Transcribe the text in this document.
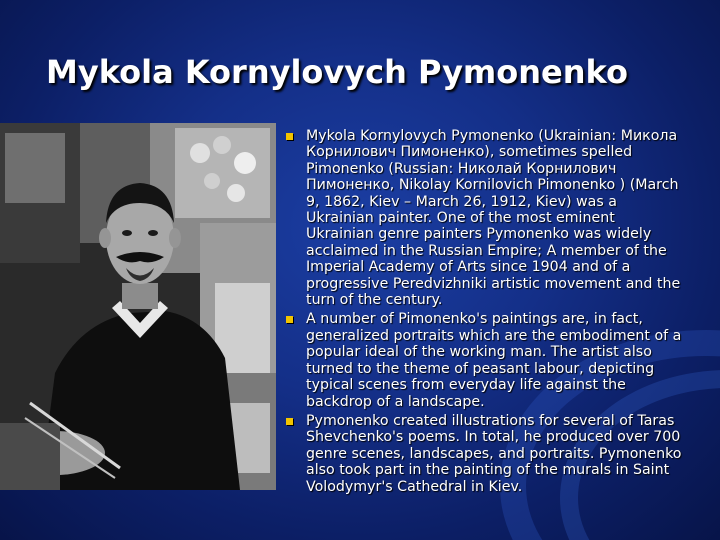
Mykola Kornylovych Pymonenko
Mykola Kornylovych Pymonenko (Ukrainian: Микола Корнилович Пимоненко), sometimes spelled Pimonenko (Russian: Николай Корнилович Пимоненко, Nikolay Kornilovich Pimonenko ) (March 9, 1862, Kiev – March 26, 1912, Kiev) was a Ukrainian painter. One of the most eminent Ukrainian genre painters Pymonenko was widely acclaimed in the Russian Empire; A member of the Imperial Academy of Arts since 1904 and of a progressive Peredvizhniki artistic movement and the turn of the century.
A number of Pimonenko's paintings are, in fact, generalized portraits which are the embodiment of a popular ideal of the working man. The artist also turned to the theme of peasant labour, depicting typical scenes from everyday life against the backdrop of a landscape.
Pymonenko created illustrations for several of Taras Shevchenko's poems. In total, he produced over 700 genre scenes, landscapes, and portraits. Pymonenko also took part in the painting of the murals in Saint Volodymyr's Cathedral in Kiev.
